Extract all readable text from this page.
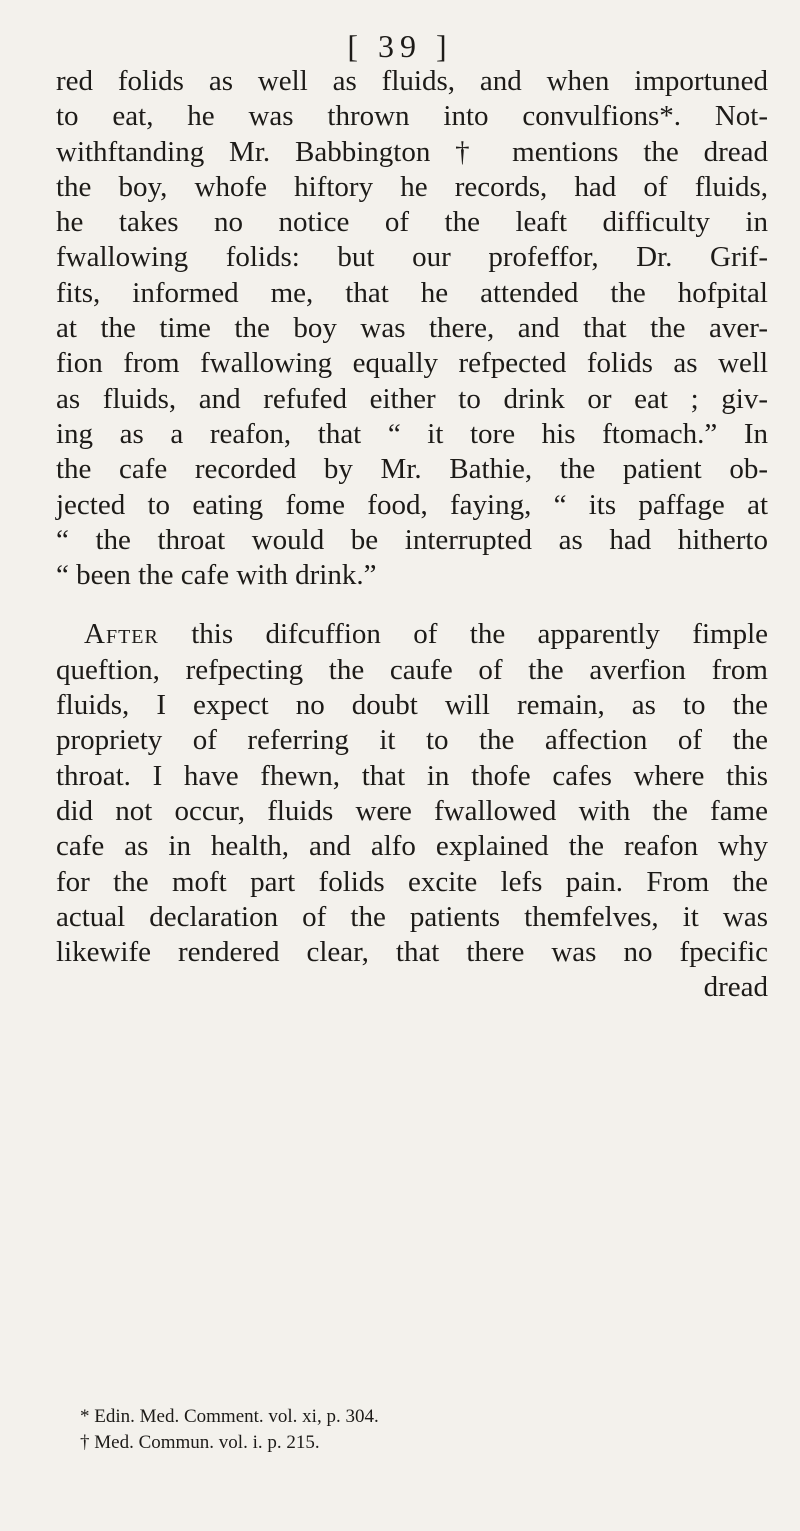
[ 39 ]
red folids as well as fluids, and when importuned
to eat, he was thrown into convulfions*. Not-
withftanding Mr. Babbington † mentions the dread
the boy, whofe hiftory he records, had of fluids,
he takes no notice of the leaft difficulty in
fwallowing folids: but our profeffor, Dr. Grif-
fits, informed me, that he attended the hofpital
at the time the boy was there, and that the aver-
fion from fwallowing equally refpected folids as well
as fluids, and refufed either to drink or eat ; giv-
ing as a reafon, that “ it tore his ftomach.” In
the cafe recorded by Mr. Bathie, the patient ob-
jected to eating fome food, faying, “ its paffage at
“ the throat would be interrupted as had hitherto
“ been the cafe with drink.”
After this difcuffion of the apparently fimple
queftion, refpecting the caufe of the averfion from
fluids, I expect no doubt will remain, as to the
propriety of referring it to the affection of the
throat. I have fhewn, that in thofe cafes where this
did not occur, fluids were fwallowed with the fame
cafe as in health, and alfo explained the reafon why
for the moft part folids excite lefs pain. From the
actual declaration of the patients themfelves, it was
likewife rendered clear, that there was no fpecific
dread
* Edin. Med. Comment. vol. xi, p. 304.
† Med. Commun. vol. i. p. 215.
